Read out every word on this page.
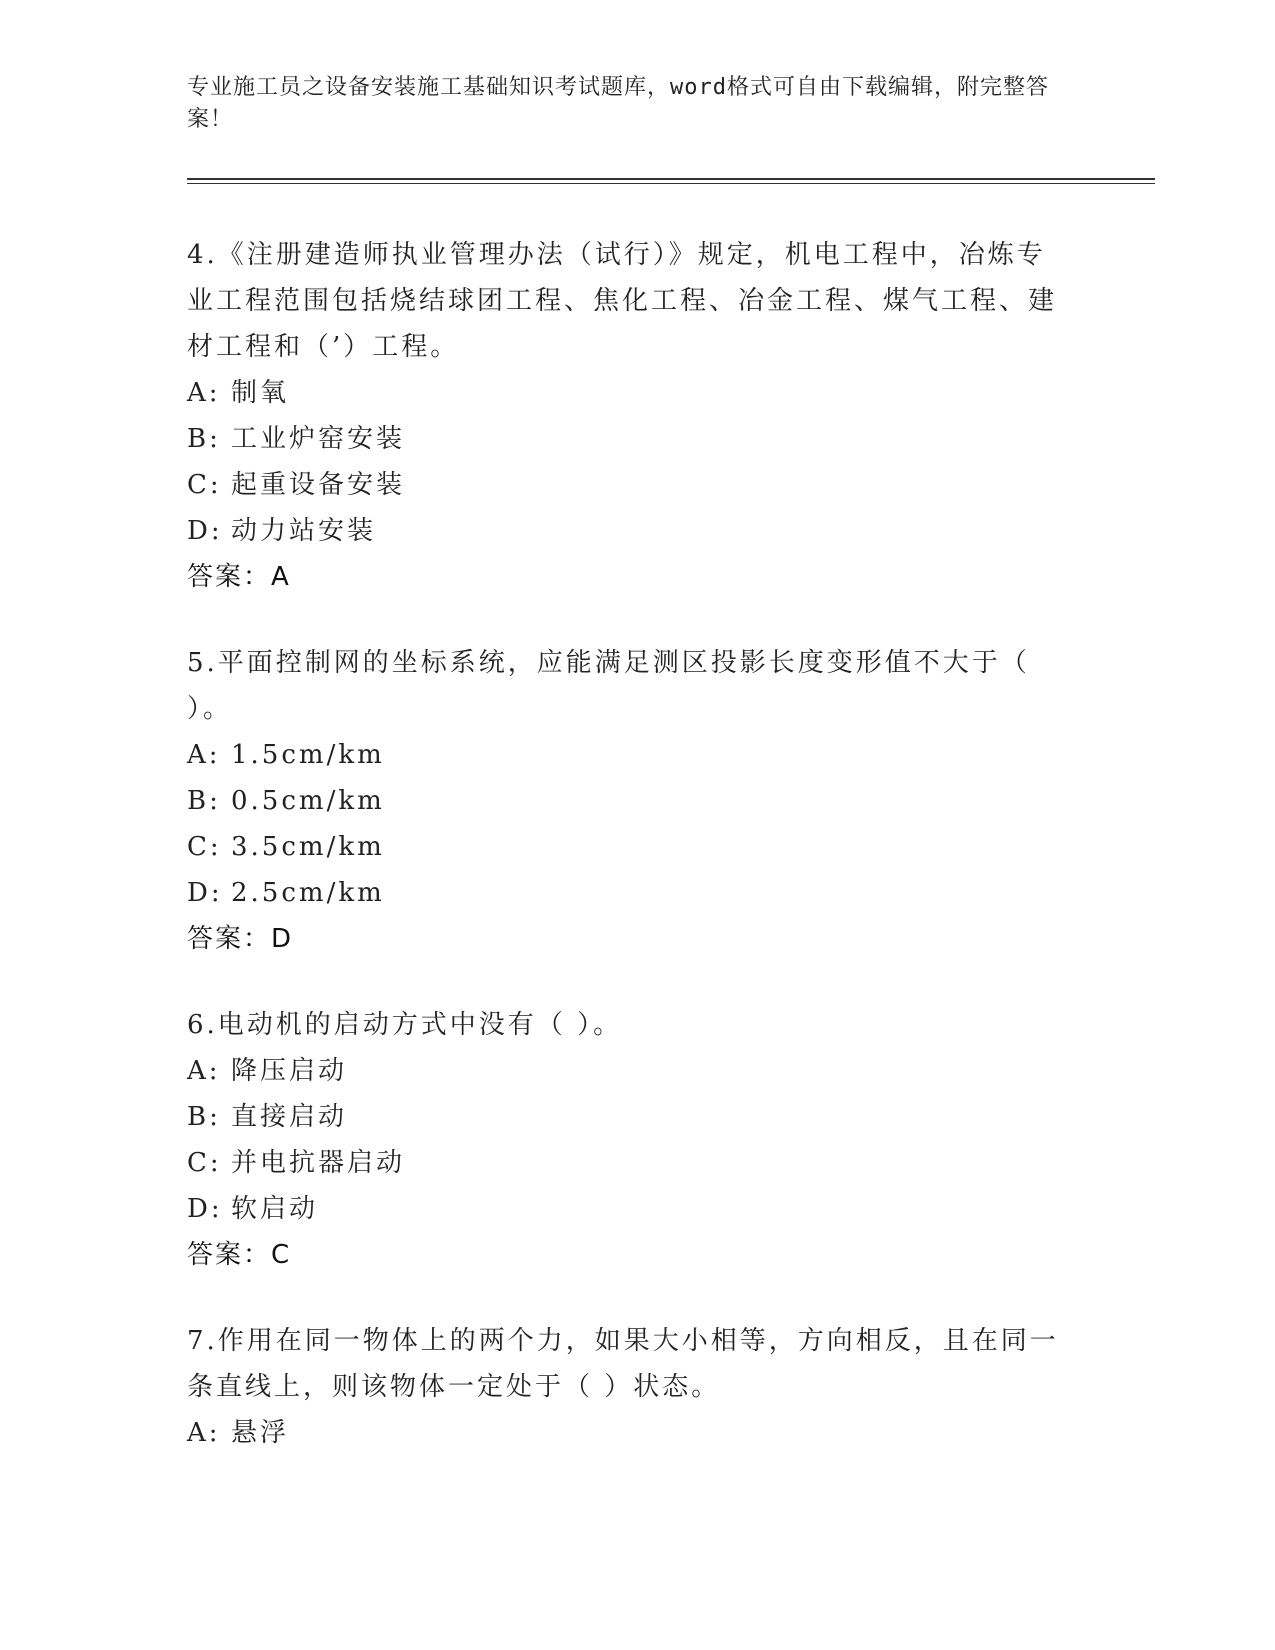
专业施工员之设备安装施工基础知识考试题库，word格式可自由下载编辑，附完整答案！
4.《注册建造师执业管理办法（试行）》规定，机电工程中，冶炼专业工程范围包括烧结球团工程、焦化工程、冶金工程、煤气工程、建材工程和（’）工程。
A: 制氧
B: 工业炉窑安装
C: 起重设备安装
D: 动力站安装
答案：A
5.平面控制网的坐标系统，应能满足测区投影长度变形值不大于（ ）。
A: 1.5cm/km
B: 0.5cm/km
C: 3.5cm/km
D: 2.5cm/km
答案：D
6.电动机的启动方式中没有（ ）。
A: 降压启动
B: 直接启动
C: 并电抗器启动
D: 软启动
答案：C
7.作用在同一物体上的两个力，如果大小相等，方向相反，且在同一条直线上，则该物体一定处于（ ）状态。
A: 悬浮
